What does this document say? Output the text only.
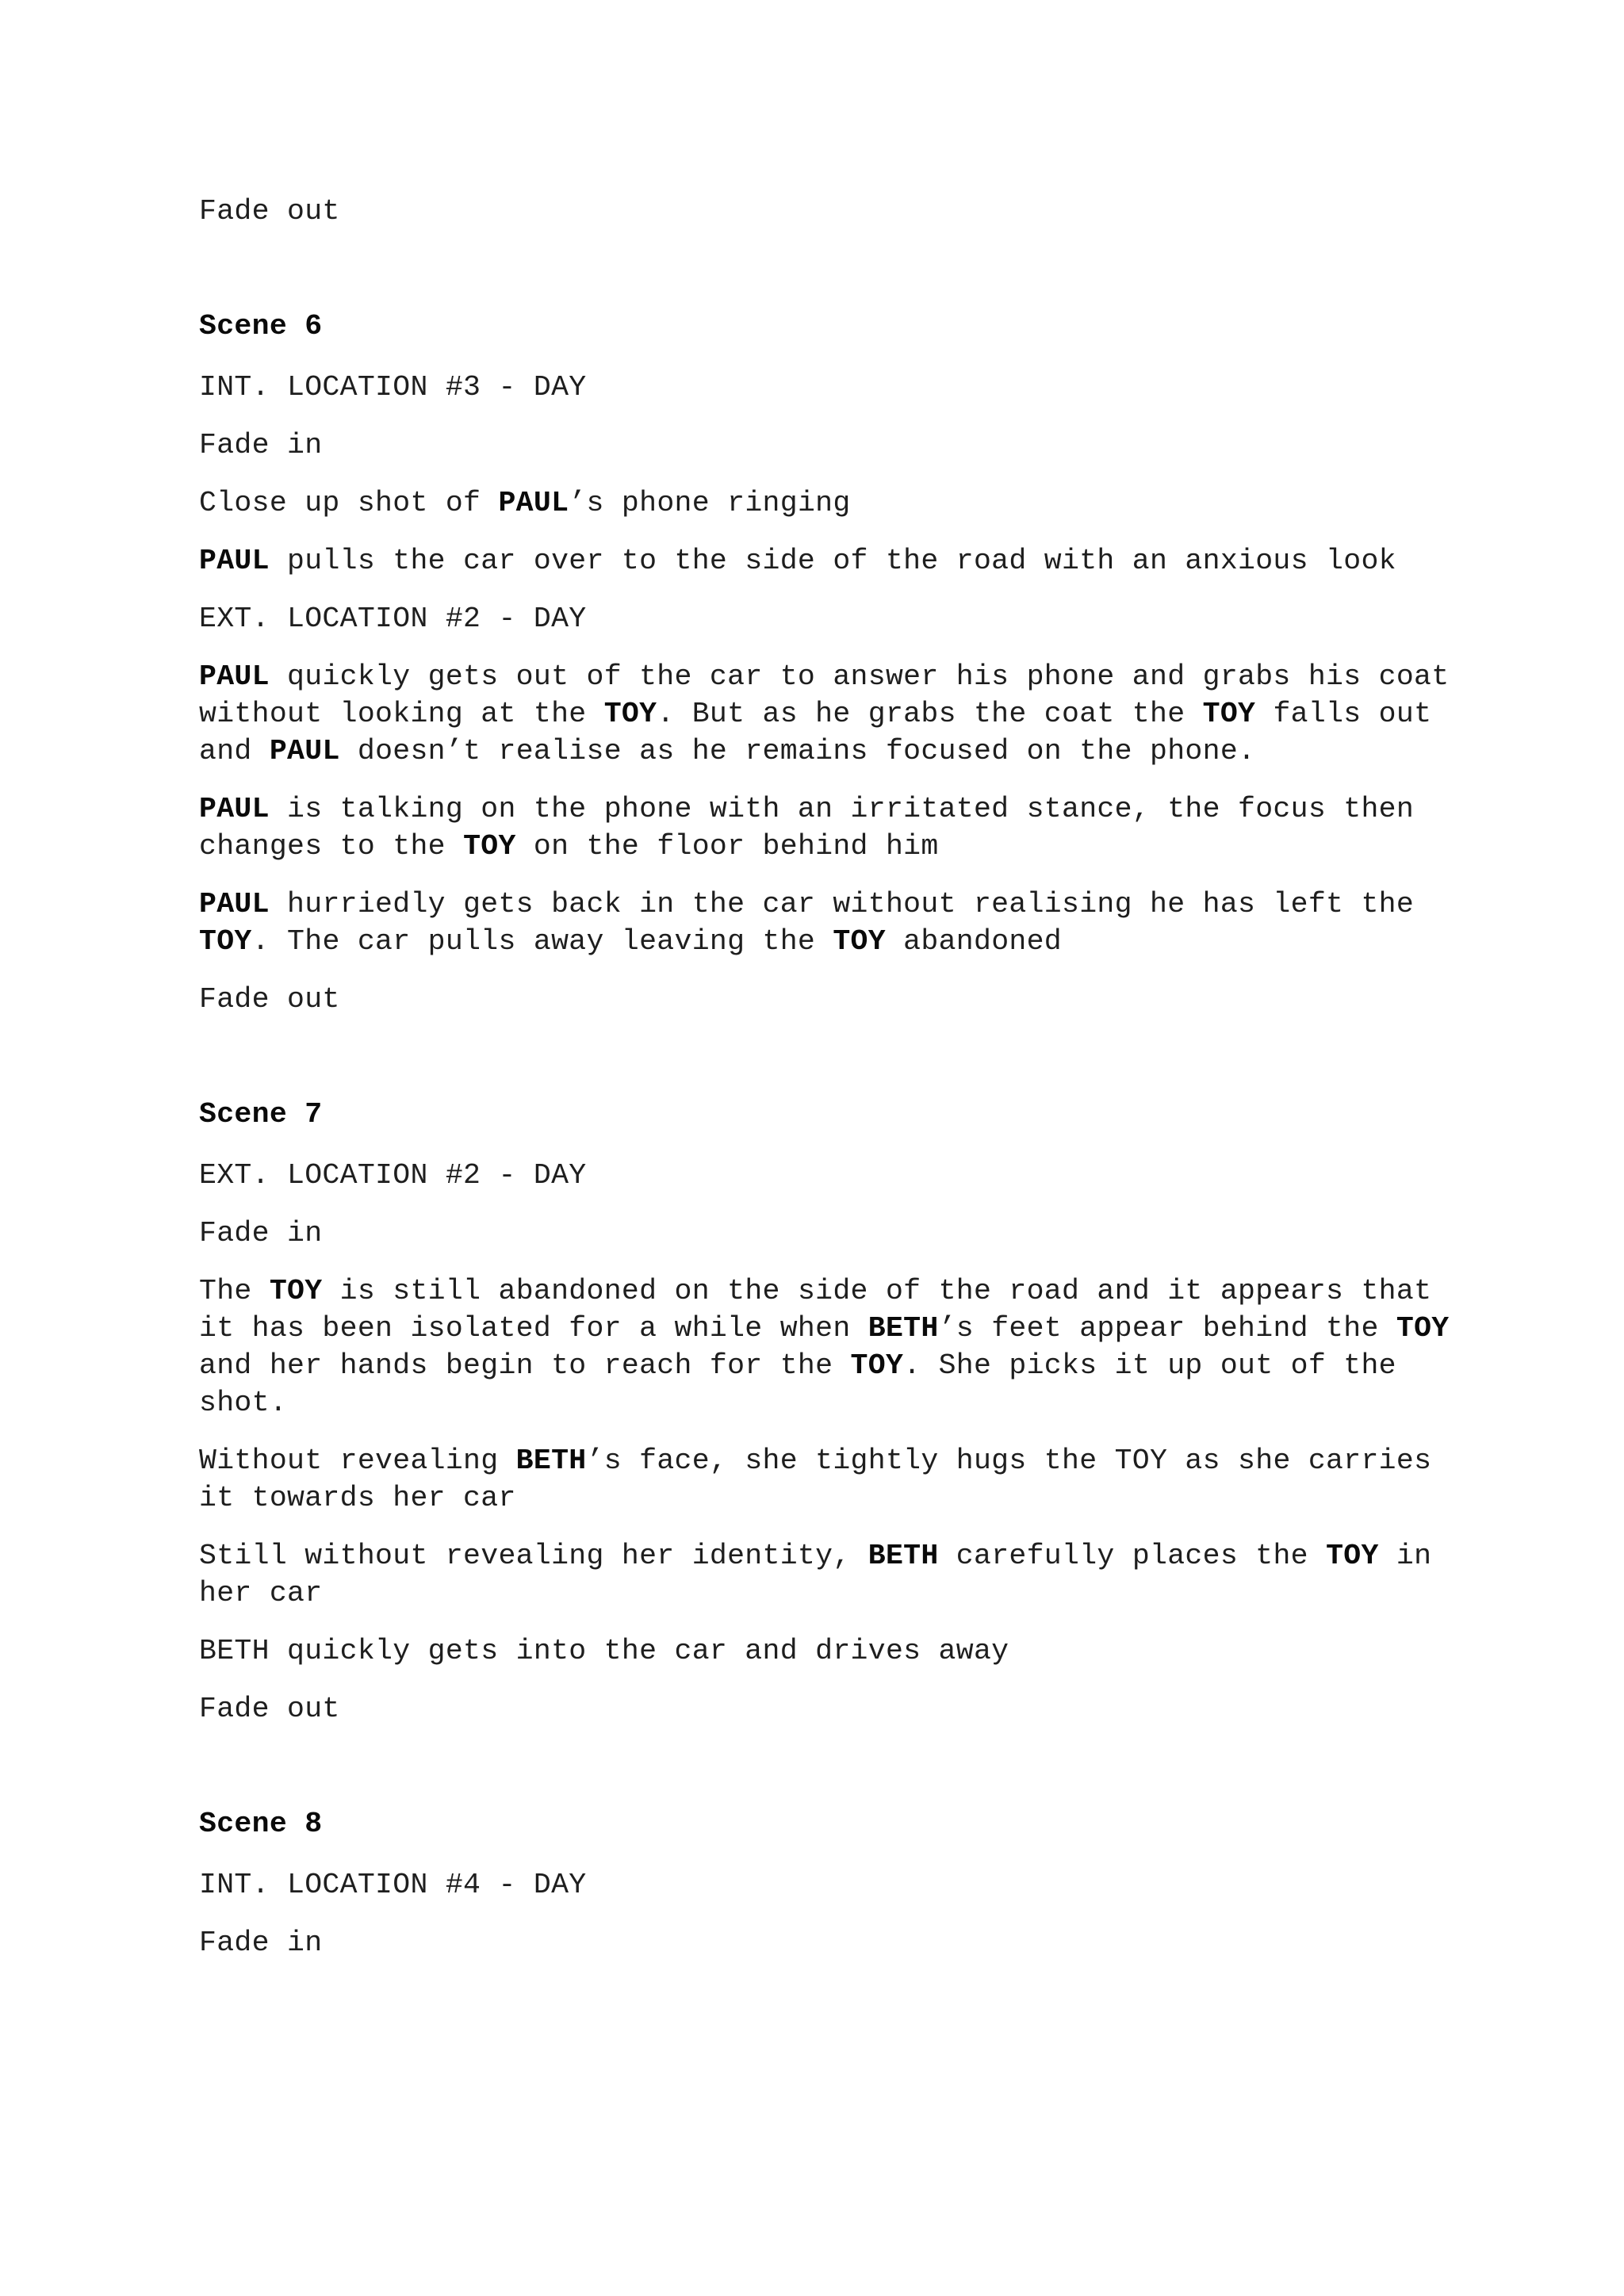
Fade out

Scene 6

INT. LOCATION #3 - DAY

Fade in

Close up shot of PAUL’s phone ringing

PAUL pulls the car over to the side of the road with an anxious look

EXT. LOCATION #2 - DAY

PAUL quickly gets out of the car to answer his phone and grabs his coat without looking at the TOY. But as he grabs the coat the TOY falls out and PAUL doesn’t realise as he remains focused on the phone.

PAUL is talking on the phone with an irritated stance, the focus then changes to the TOY on the floor behind him

PAUL hurriedly gets back in the car without realising he has left the TOY. The car pulls away leaving the TOY abandoned

Fade out

Scene 7

EXT. LOCATION #2 - DAY

Fade in

The TOY is still abandoned on the side of the road and it appears that it has been isolated for a while when BETH’s feet appear behind the TOY and her hands begin to reach for the TOY. She picks it up out of the shot.

Without revealing BETH’s face, she tightly hugs the TOY as she carries it towards her car

Still without revealing her identity, BETH carefully places the TOY in her car

BETH quickly gets into the car and drives away

Fade out

Scene 8

INT. LOCATION #4 - DAY

Fade in
